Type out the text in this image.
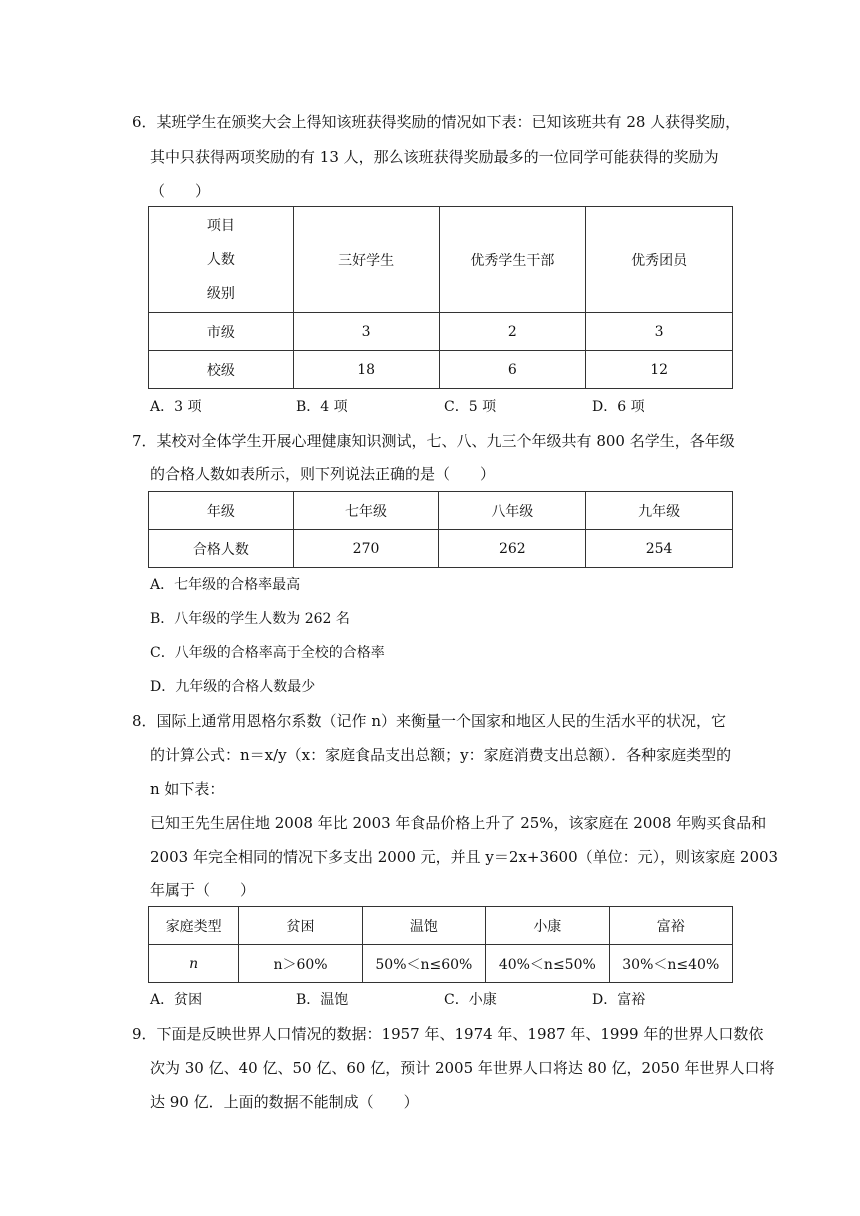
6．某班学生在颁奖大会上得知该班获得奖励的情况如下表：已知该班共有 28 人获得奖励，
其中只获得两项奖励的有 13 人，那么该班获得奖励最多的一位同学可能获得的奖励为
（　　）
项目
人数
级别	三好学生	优秀学生干部	优秀团员
市级	3	2	3
校级	18	6	12
A．3 项	B．4 项	C．5 项	D．6 项
7．某校对全体学生开展心理健康知识测试，七、八、九三个年级共有 800 名学生，各年级
的合格人数如表所示，则下列说法正确的是（　　）
年级	七年级	八年级	九年级
合格人数	270	262	254
A．七年级的合格率最高
B．八年级的学生人数为 262 名
C．八年级的合格率高于全校的合格率
D．九年级的合格人数最少
8．国际上通常用恩格尔系数（记作 n）来衡量一个国家和地区人民的生活水平的状况，它
的计算公式：n＝x/y（x：家庭食品支出总额；y：家庭消费支出总额）．各种家庭类型的
n 如下表：
已知王先生居住地 2008 年比 2003 年食品价格上升了 25%，该家庭在 2008 年购买食品和
2003 年完全相同的情况下多支出 2000 元，并且 y＝2x+3600（单位：元），则该家庭 2003
年属于（　　）
家庭类型	贫困	温饱	小康	富裕
n	n＞60%	50%＜n≤60%	40%＜n≤50%	30%＜n≤40%
A．贫困	B．温饱	C．小康	D．富裕
9．下面是反映世界人口情况的数据：1957 年、1974 年、1987 年、1999 年的世界人口数依
次为 30 亿、40 亿、50 亿、60 亿，预计 2005 年世界人口将达 80 亿，2050 年世界人口将
达 90 亿．上面的数据不能制成（　　）
